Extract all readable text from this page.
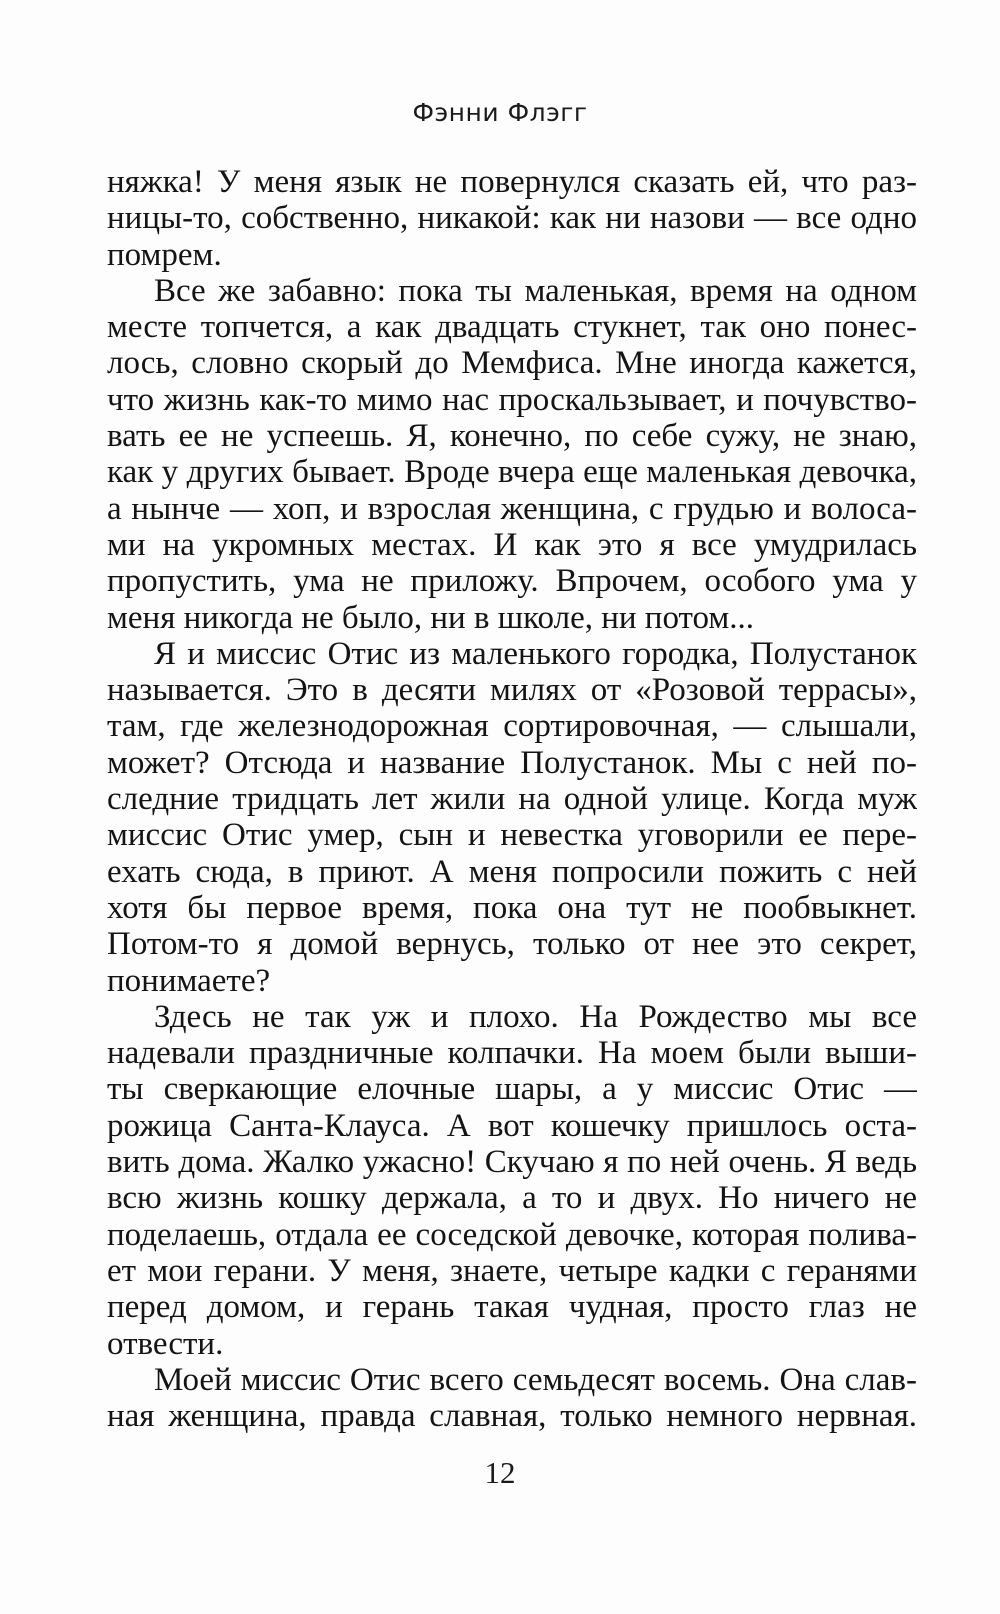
Фэнни Флэгг
няжка! У меня язык не повернулся сказать ей, что раз-
ницы-то, собственно, никакой: как ни назови — все одно
помрем.
Все же забавно: пока ты маленькая, время на одном
месте топчется, а как двадцать стукнет, так оно понес-
лось, словно скорый до Мемфиса. Мне иногда кажется,
что жизнь как-то мимо нас проскальзывает, и почувство-
вать ее не успеешь. Я, конечно, по себе сужу, не знаю,
как у других бывает. Вроде вчера еще маленькая девочка,
а нынче — хоп, и взрослая женщина, с грудью и волоса-
ми на укромных местах. И как это я все умудрилась
пропустить, ума не приложу. Впрочем, особого ума у
меня никогда не было, ни в школе, ни потом...
Я и миссис Отис из маленького городка, Полустанок
называется. Это в десяти милях от «Розовой террасы»,
там, где железнодорожная сортировочная, — слышали,
может? Отсюда и название Полустанок. Мы с ней по-
следние тридцать лет жили на одной улице. Когда муж
миссис Отис умер, сын и невестка уговорили ее пере-
ехать сюда, в приют. А меня попросили пожить с ней
хотя бы первое время, пока она тут не пообвыкнет.
Потом-то я домой вернусь, только от нее это секрет,
понимаете?
Здесь не так уж и плохо. На Рождество мы все
надевали праздничные колпачки. На моем были выши-
ты сверкающие елочные шары, а у миссис Отис —
рожица Санта-Клауса. А вот кошечку пришлось оста-
вить дома. Жалко ужасно! Скучаю я по ней очень. Я ведь
всю жизнь кошку держала, а то и двух. Но ничего не
поделаешь, отдала ее соседской девочке, которая полива-
ет мои герани. У меня, знаете, четыре кадки с геранями
перед домом, и герань такая чудная, просто глаз не
отвести.
Моей миссис Отис всего семьдесят восемь. Она слав-
ная женщина, правда славная, только немного нервная.
12
